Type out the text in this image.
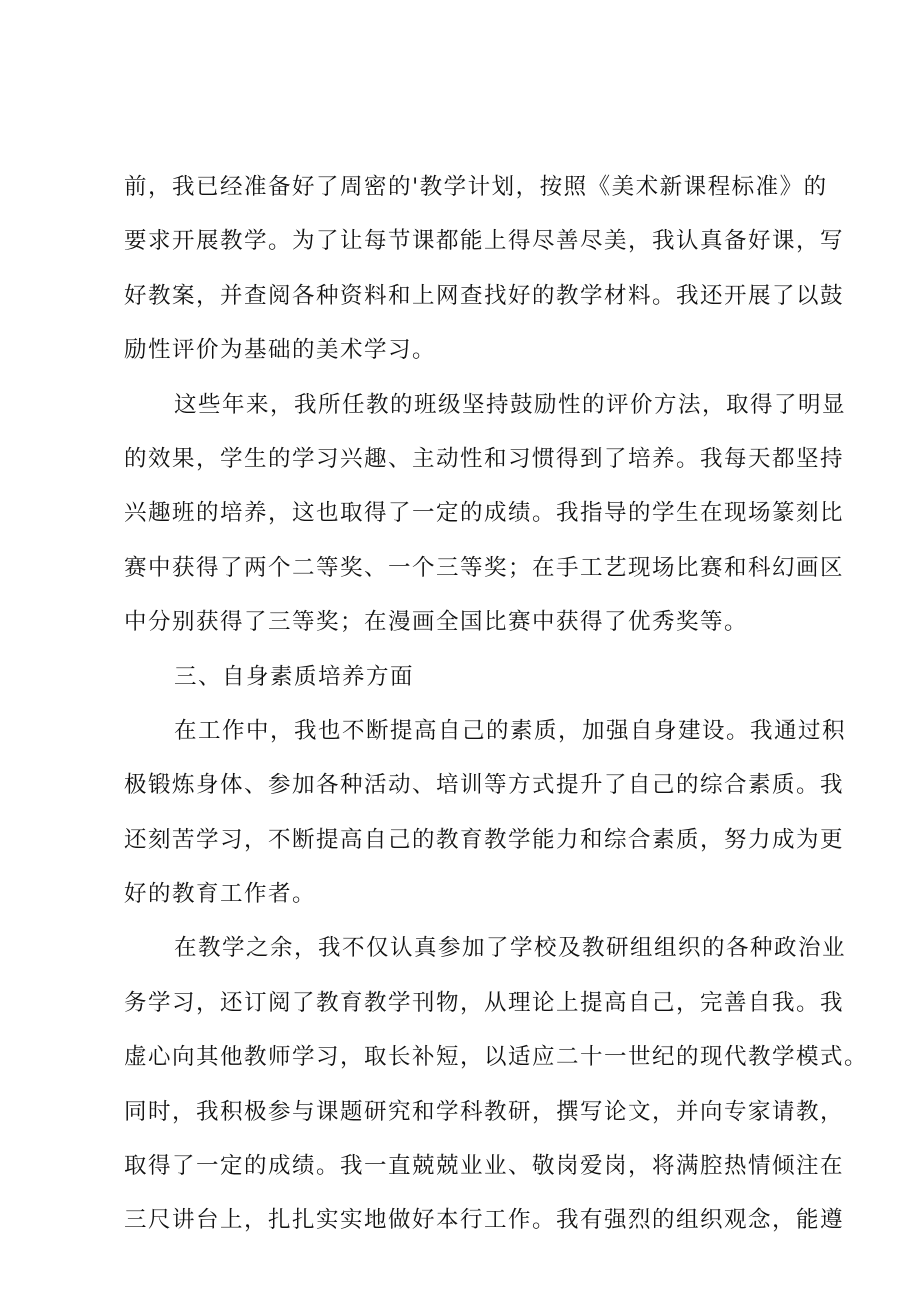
前，我已经准备好了周密的'教学计划，按照《美术新课程标准》的
要求开展教学。为了让每节课都能上得尽善尽美，我认真备好课，写
好教案，并查阅各种资料和上网查找好的教学材料。我还开展了以鼓
励性评价为基础的美术学习。
这些年来，我所任教的班级坚持鼓励性的评价方法，取得了明显
的效果，学生的学习兴趣、主动性和习惯得到了培养。我每天都坚持
兴趣班的培养，这也取得了一定的成绩。我指导的学生在现场篆刻比
赛中获得了两个二等奖、一个三等奖；在手工艺现场比赛和科幻画区
中分别获得了三等奖；在漫画全国比赛中获得了优秀奖等。
三、自身素质培养方面
在工作中，我也不断提高自己的素质，加强自身建设。我通过积
极锻炼身体、参加各种活动、培训等方式提升了自己的综合素质。我
还刻苦学习，不断提高自己的教育教学能力和综合素质，努力成为更
好的教育工作者。
在教学之余，我不仅认真参加了学校及教研组组织的各种政治业
务学习，还订阅了教育教学刊物，从理论上提高自己，完善自我。我
虚心向其他教师学习，取长补短，以适应二十一世纪的现代教学模式。
同时，我积极参与课题研究和学科教研，撰写论文，并向专家请教，
取得了一定的成绩。我一直兢兢业业、敬岗爱岗，将满腔热情倾注在
三尺讲台上，扎扎实实地做好本行工作。我有强烈的组织观念，能遵
